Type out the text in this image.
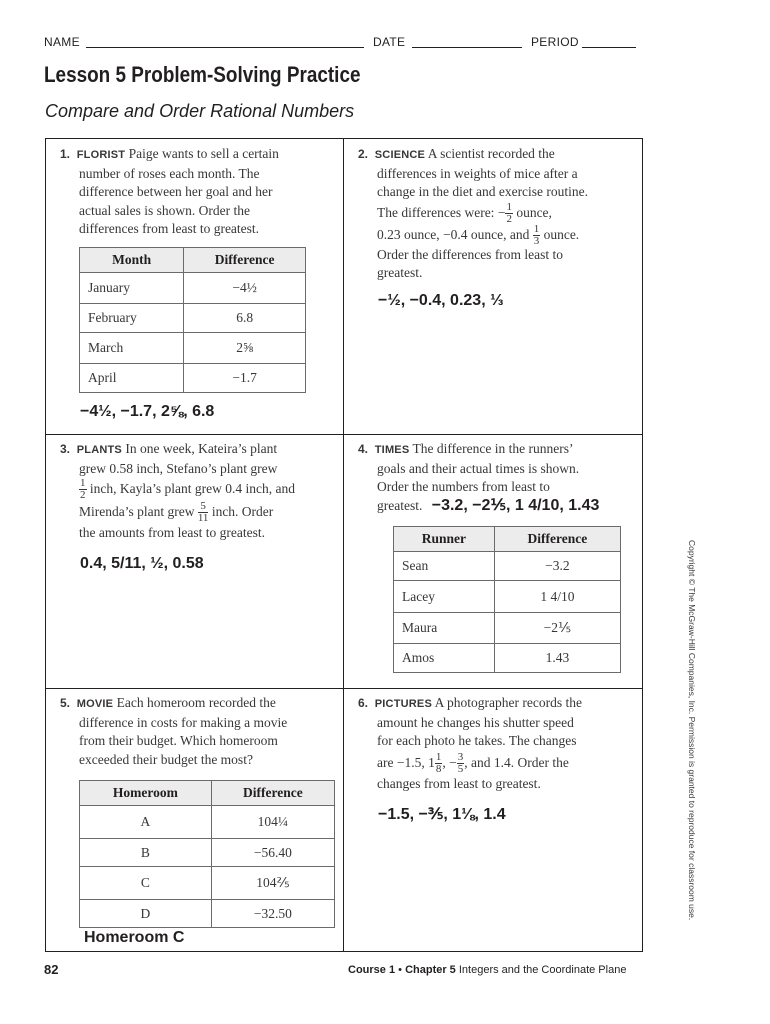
NAME	DATE	PERIOD
Lesson 5 Problem-Solving Practice
Compare and Order Rational Numbers
1. FLORIST Paige wants to sell a certain
number of roses each month. The
difference between her goal and her
actual sales is shown. Order the
differences from least to greatest.
Month	Difference
January	−4½
February	6.8
March	2⅝
April	−1.7
−4½, −1.7, 2⅝, 6.8
2. SCIENCE A scientist recorded the
differences in weights of mice after a
change in the diet and exercise routine.

The differences were: − $\frac{1}{2}$ ounce,
0.23 ounce, −0.4 ounce, and $\frac{1}{3}$ ounce.
Order the differences from least to
greatest.
−½, −0.4, 0.23, ⅓
3. PLANTS In one week, Kateira’s plant
grew 0.58 inch, Stefano’s plant grew

$\frac{1}{2}$ inch, Kayla’s plant grew 0.4 inch, and
Mirenda’s plant grew $\frac{5}{11}$ inch. Order
the amounts from least to greatest.
0.4, 5/11, ½, 0.58
4. TIMES The difference in the runners’
goals and their actual times is shown.
Order the numbers from least to
greatest. −3.2, −2⅕, 1 4/10, 1.43
Runner	Difference
Sean	−3.2
Lacey	1 4/10
Maura	−2⅕
Amos	1.43
5. MOVIE Each homeroom recorded the
difference in costs for making a movie
from their budget. Which homeroom
exceeded their budget the most?
Homeroom	Difference
A	104¼
B	−56.40
C	104⅖
D	−32.50
Homeroom C
6. PICTURES A photographer records the
amount he changes his shutter speed
for each photo he takes. The changes

are −1.5, $1 \frac{1}{8}$ , − $\frac{3}{5}$ , and 1.4. Order the
changes from least to greatest.
−1.5, −⅗, 1⅛, 1.4	Copyright © The McGraw-Hill Companies, Inc. Permission is granted to reproduce for classroom use.
82	Course 1 • Chapter 5 Integers and the Coordinate Plane
